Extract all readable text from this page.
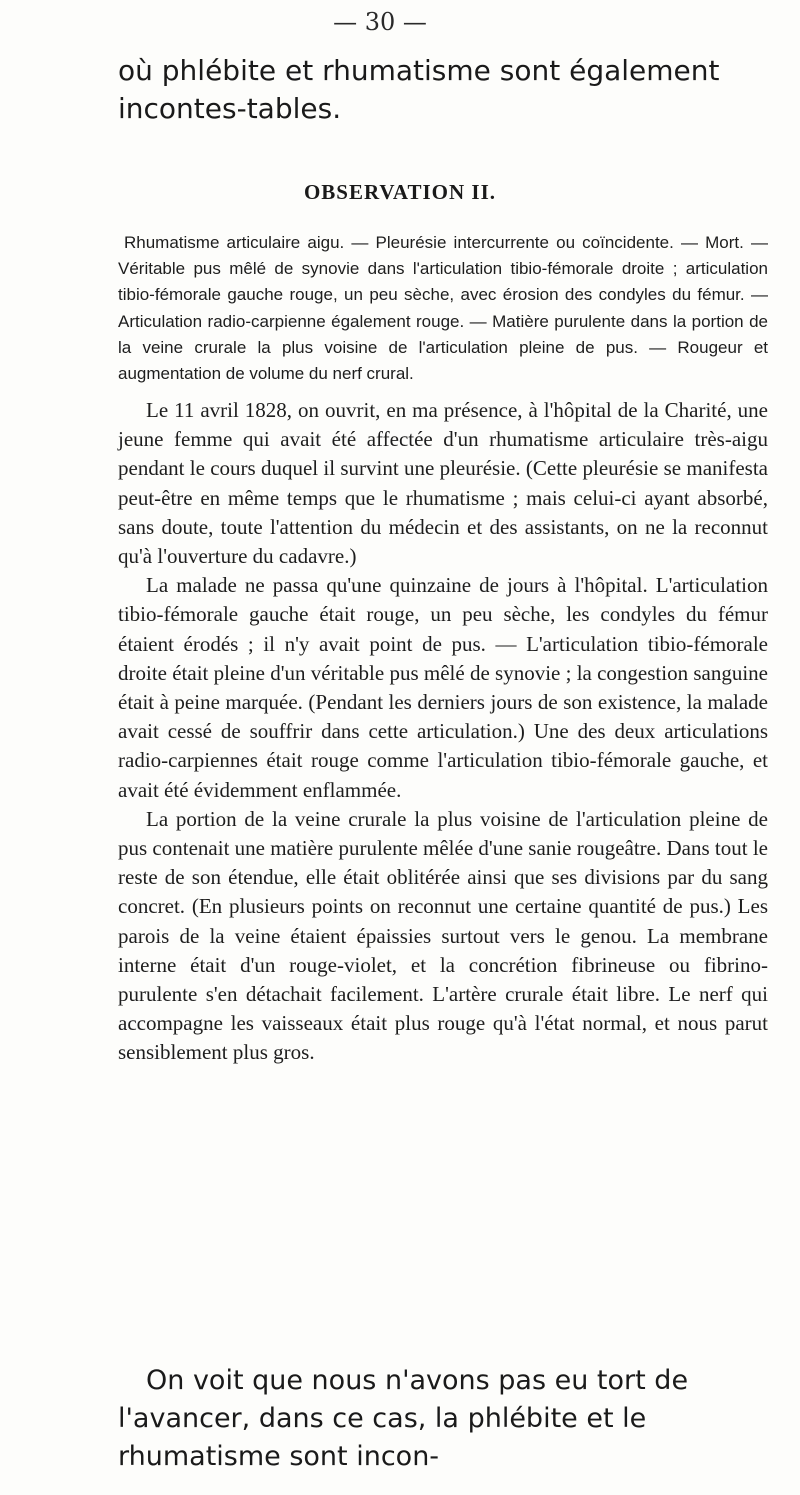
— 30 —

où phlébite et rhumatisme sont également incontes-tables.

OBSERVATION II.

Rhumatisme articulaire aigu. — Pleurésie intercurrente ou coïncidente. — Mort. — Véritable pus mêlé de synovie dans l'articulation tibio-fémorale droite ; articulation tibio-fémorale gauche rouge, un peu sèche, avec érosion des condyles du fémur. — Articulation radio-carpienne également rouge. — Matière purulente dans la portion de la veine crurale la plus voisine de l'articulation pleine de pus. — Rougeur et augmentation de volume du nerf crural.

Le 11 avril 1828, on ouvrit, en ma présence, à l'hôpital de la Charité, une jeune femme qui avait été affectée d'un rhumatisme articulaire très-aigu pendant le cours duquel il survint une pleurésie. (Cette pleurésie se manifesta peut-être en même temps que le rhumatisme ; mais celui-ci ayant absorbé, sans doute, toute l'attention du médecin et des assistants, on ne la reconnut qu'à l'ouverture du cadavre.)

La malade ne passa qu'une quinzaine de jours à l'hôpital. L'articulation tibio-fémorale gauche était rouge, un peu sèche, les condyles du fémur étaient érodés ; il n'y avait point de pus. — L'articulation tibio-fémorale droite était pleine d'un véritable pus mêlé de synovie ; la congestion sanguine était à peine marquée. (Pendant les derniers jours de son existence, la malade avait cessé de souffrir dans cette articulation.) Une des deux articulations radio-carpiennes était rouge comme l'articulation tibio-fémorale gauche, et avait été évidemment enflammée.

La portion de la veine crurale la plus voisine de l'articulation pleine de pus contenait une matière purulente mêlée d'une sanie rougeâtre. Dans tout le reste de son étendue, elle était oblitérée ainsi que ses divisions par du sang concret. (En plusieurs points on reconnut une certaine quantité de pus.) Les parois de la veine étaient épaissies surtout vers le genou. La membrane interne était d'un rouge-violet, et la concrétion fibrineuse ou fibrino-purulente s'en détachait facilement. L'artère crurale était libre. Le nerf qui accompagne les vaisseaux était plus rouge qu'à l'état normal, et nous parut sensiblement plus gros.

On voit que nous n'avons pas eu tort de l'avancer, dans ce cas, la phlébite et le rhumatisme sont incon-
